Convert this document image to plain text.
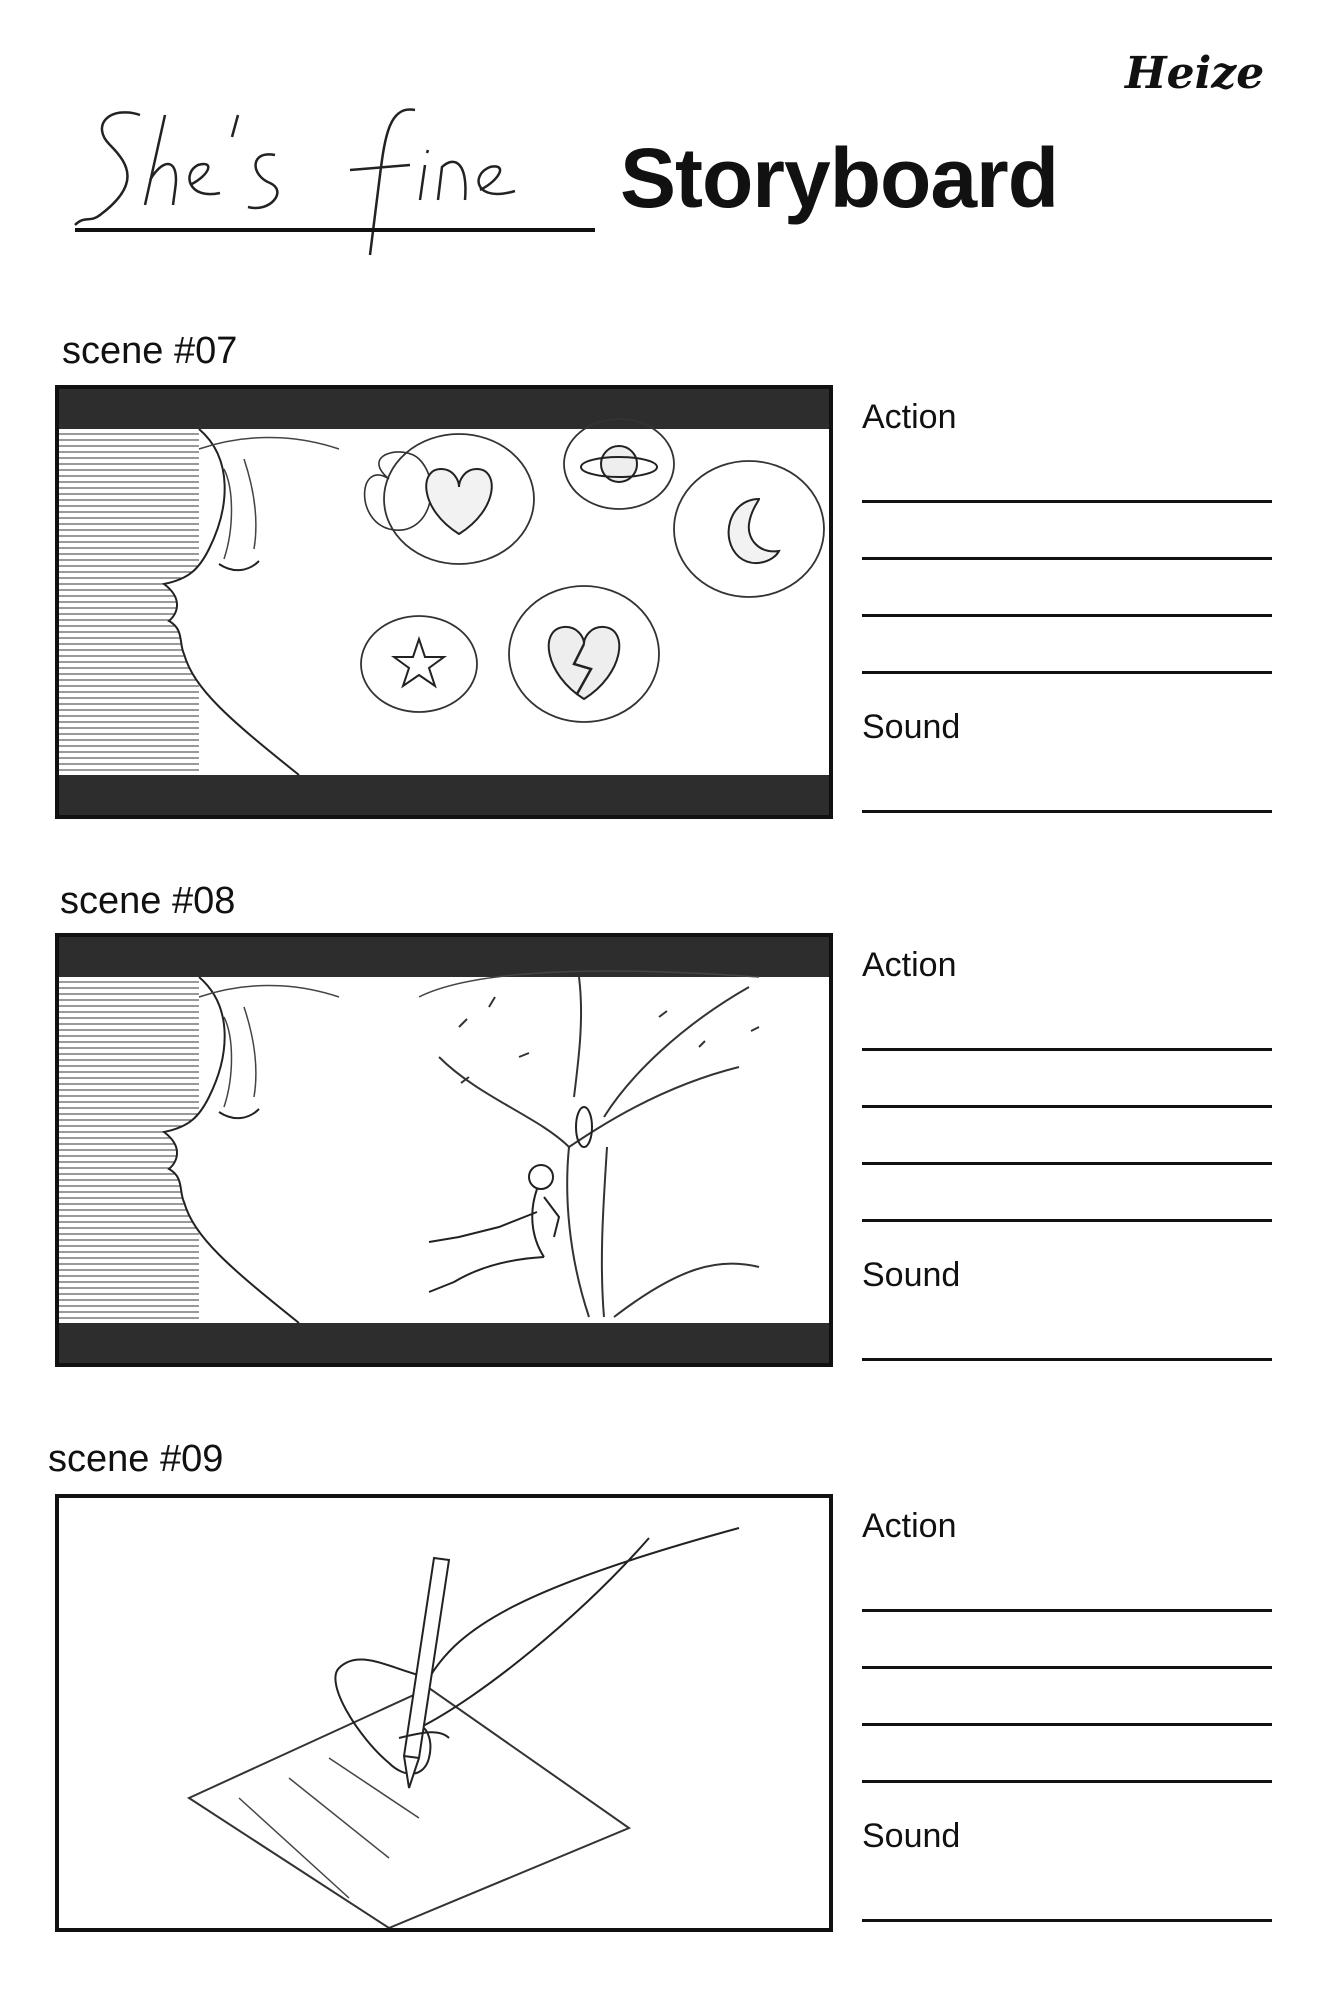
Heize
Storyboard
scene #07
Action
Sound
scene #08
Action
Sound
scene #09
Action
Sound
